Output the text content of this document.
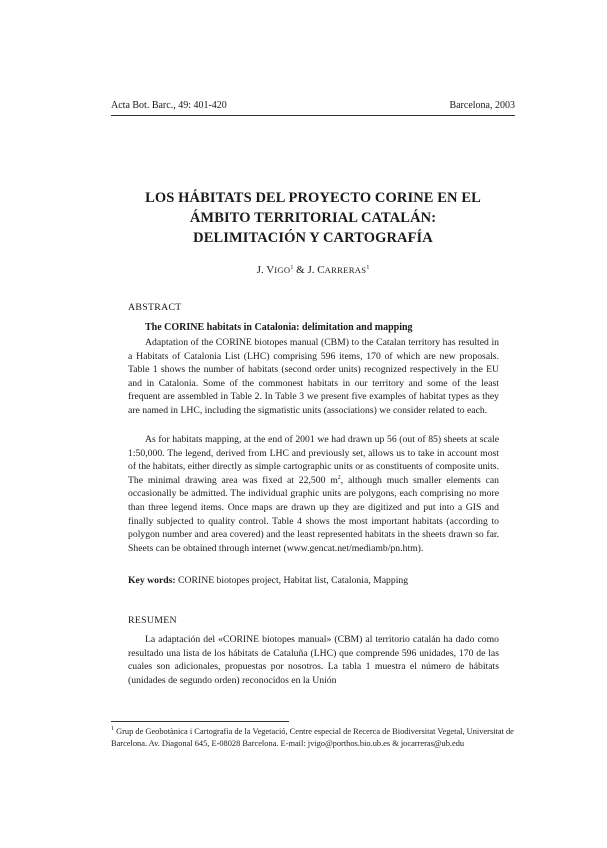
Acta Bot. Barc., 49: 401-420	Barcelona, 2003
LOS HÁBITATS DEL PROYECTO CORINE EN EL
ÁMBITO TERRITORIAL CATALÁN:
DELIMITACIÓN Y CARTOGRAFÍA
J. VIGO$^1$ & J. CARRERAS$^1$
ABSTRACT
The CORINE habitats in Catalonia: delimitation and mapping

Adaptation of the CORINE biotopes manual (CBM) to the Catalan territory has resulted in a Habitats of Catalonia List (LHC) comprising 596 items, 170 of which are new proposals. Table 1 shows the number of habitats (second order units) recognized respectively in the EU and in Catalonia. Some of the commonest habitats in our territory and some of the least frequent are assembled in Table 2. In Table 3 we present five examples of habitat types as they are named in LHC, including the sigmatistic units (associations) we consider related to each.

As for habitats mapping, at the end of 2001 we had drawn up 56 (out of 85) sheets at scale 1:50,000. The legend, derived from LHC and previously set, allows us to take in account most of the habitats, either directly as simple cartographic units or as constituents of composite units. The minimal drawing area was fixed at 22,500 $m^2$, although much smaller elements can occasionally be admitted. The individual graphic units are polygons, each comprising no more than three legend items. Once maps are drawn up they are digitized and put into a GIS and finally subjected to quality control. Table 4 shows the most important habitats (according to polygon number and area covered) and the least represented habitats in the sheets drawn so far. Sheets can be obtained through internet (www.gencat.net/mediamb/pn.htm).

Key words: CORINE biotopes project, Habitat list, Catalonia, Mapping
RESUMEN

La adaptación del «CORINE biotopes manual» (CBM) al territorio catalán ha dado como resultado una lista de los hábitats de Cataluña (LHC) que comprende 596 unidades, 170 de las cuales son adicionales, propuestas por nosotros. La tabla 1 muestra el número de hábitats (unidades de segundo orden) reconocidos en la Unión

$^1$ Grup de Geobotànica i Cartografia de la Vegetació, Centre especial de Recerca de Biodiversitat Vegetal, Universitat de Barcelona. Av. Diagonal 645, E-08028 Barcelona. E-mail: jvigo@porthos.bio.ub.es & jocarreras@ub.edu
